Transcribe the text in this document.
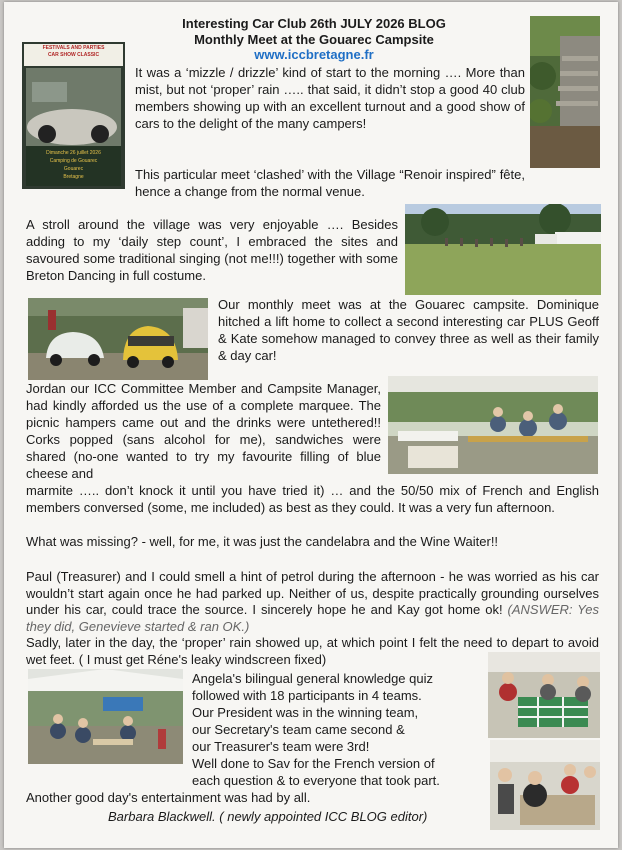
Interesting Car Club 26th JULY 2026 BLOG
Monthly Meet at the Gouarec Campsite
www.iccbretagne.fr
FESTIVALS AND PARTIES
CAR SHOW CLASSIC
Dimanche 26 juillet 2026
Camping de Gouarec
Gouarec
Bretagne

It was a ‘mizzle / drizzle’ kind of start to the morning …. More than mist, but not ‘proper’ rain ….. that said, it didn’t stop a good 40 club members showing up with an excellent turnout and a good show of cars to the delight of the many campers!

This particular meet ‘clashed’ with the Village “Renoir inspired” fête, hence a change from the normal venue.

A stroll around the village was very enjoyable …. Besides adding to my ‘daily step count’, I embraced the sites and savoured some traditional singing (not me!!!) together with some Breton Dancing in full costume.

Our monthly meet was at the Gouarec campsite. Dominique hitched a lift home to collect a second interesting car PLUS Geoff & Kate somehow managed to convey three as well as their family & day car!

Jordan our ICC Committee Member and Campsite Manager, had kindly afforded us the use of a complete marquee. The picnic hampers came out and the drinks were untethered!! Corks popped (sans alcohol for me), sandwiches were shared (no-one wanted to try my favourite filling of blue cheese and

marmite ….. don’t knock it until you have tried it) … and the 50/50 mix of French and English members conversed (some, me included) as best as they could. It was a very fun afternoon.

What was missing? - well, for me, it was just the candelabra and the Wine Waiter!!

Paul (Treasurer) and I could smell a hint of petrol during the afternoon - he was worried as his car wouldn’t start again once he had parked up. Neither of us, despite practically grounding ourselves under his car, could trace the source. I sincerely hope he and Kay got home ok! (ANSWER: Yes they did, Genevieve started & ran OK.)

Sadly, later in the day, the ‘proper’ rain showed up, at which point I felt the need to depart to avoid wet feet. ( I must get Réne's leaky windscreen fixed)

Angela's bilingual general knowledge quiz
followed with 18 participants in 4 teams.
Our President was in the winning team,
our Secretary's team came second &
our Treasurer's team were 3rd!
Well done to Sav for the French version of
each question & to everyone that took part.

Another good day's entertainment was had by all.

Barbara Blackwell. ( newly appointed ICC BLOG editor)
